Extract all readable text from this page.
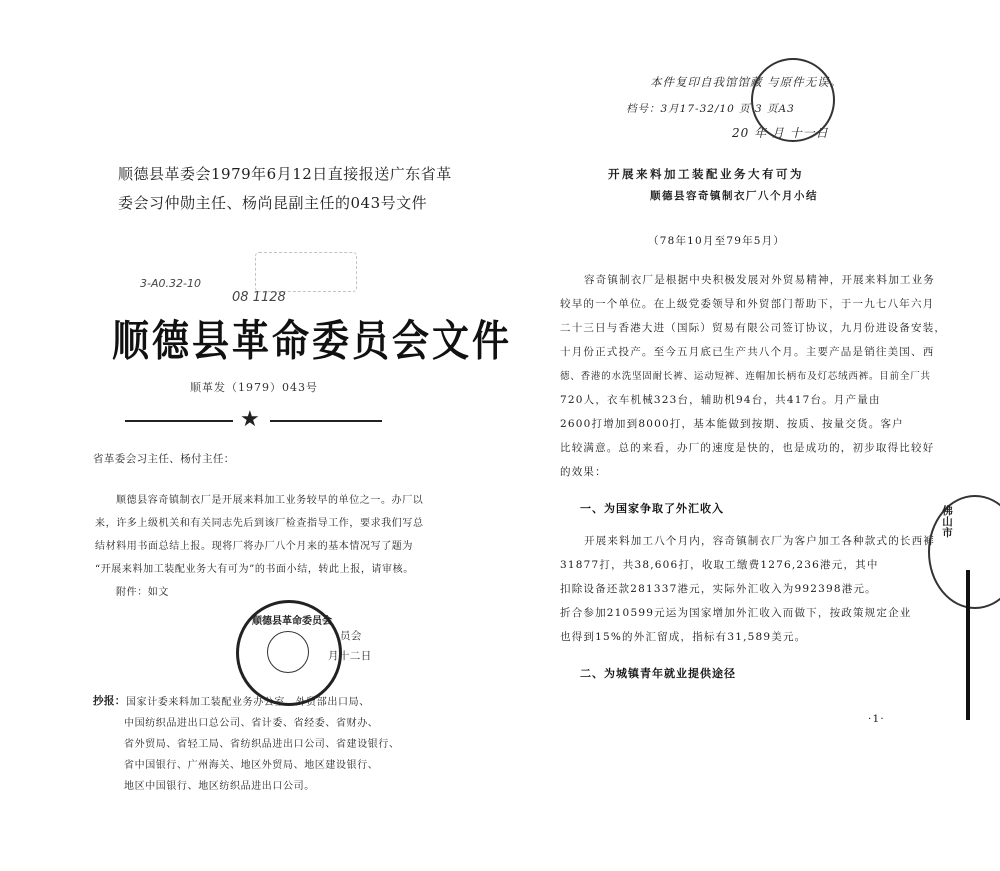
顺德县革委会1979年6月12日直接报送广东省革
委会习仲勋主任、杨尚昆副主任的043号文件
3-A0.32-10
08 1128
顺德县革命委员会文件
顺革发（1979）043号
★
省革委会习主任、杨付主任：
顺德县容奇镇制衣厂是开展来料加工业务较早的单位之一。办厂以
来，许多上级机关和有关同志先后到该厂检查指导工作，要求我们写总
结材料用书面总结上报。现将厂将办厂八个月来的基本情况写了题为
“开展来料加工装配业务大有可为”的书面小结，转此上报，请审核。
附件：如文
顺德县革命委员会
员会
月十二日
抄报： 国家计委来料加工装配业务办公室、外贸部出口局、
中国纺织品进出口总公司、省计委、省经委、省财办、
省外贸局、省轻工局、省纺织品进出口公司、省建设银行、
省中国银行、广州海关、地区外贸局、地区建设银行、
地区中国银行、地区纺织品进出口公司。
本件复印自我馆馆藏 与原件无误。
档号：3月17-32/10 页 3 页A3
20 年 月 十一日
开展来料加工装配业务大有可为
顺德县容奇镇制衣厂八个月小结
（78年10月至79年5月）
容奇镇制衣厂是根据中央积极发展对外贸易精神，开展来料加工业务
较早的一个单位。在上级党委领导和外贸部门帮助下，于一九七八年六月
二十三日与香港大进（国际）贸易有限公司签订协议，九月份进设备安装，
十月份正式投产。至今五月底已生产共八个月。主要产品是销往美国、西
德、香港的水洗坚固耐长裤、运动短裤、连帽加长柄布及灯芯绒西裤。目前全厂共
720人，衣车机械323台，辅助机94台，共417台。月产量由
2600打增加到8000打，基本能做到按期、按质、按量交货。客户
比较满意。总的来看，办厂的速度是快的，也是成功的，初步取得比较好
的效果：
一、为国家争取了外汇收入
开展来料加工八个月内，容奇镇制衣厂为客户加工各种款式的长西裤
31877打，共38,606打，收取工缴费1276,236港元，其中
扣除设备还款281337港元，实际外汇收入为992398港元。
折合参加210599元运为国家增加外汇收入而做下，按政策规定企业
也得到15%的外汇留成，指标有31,589美元。
二、为城镇青年就业提供途径
·1·
佛山市
